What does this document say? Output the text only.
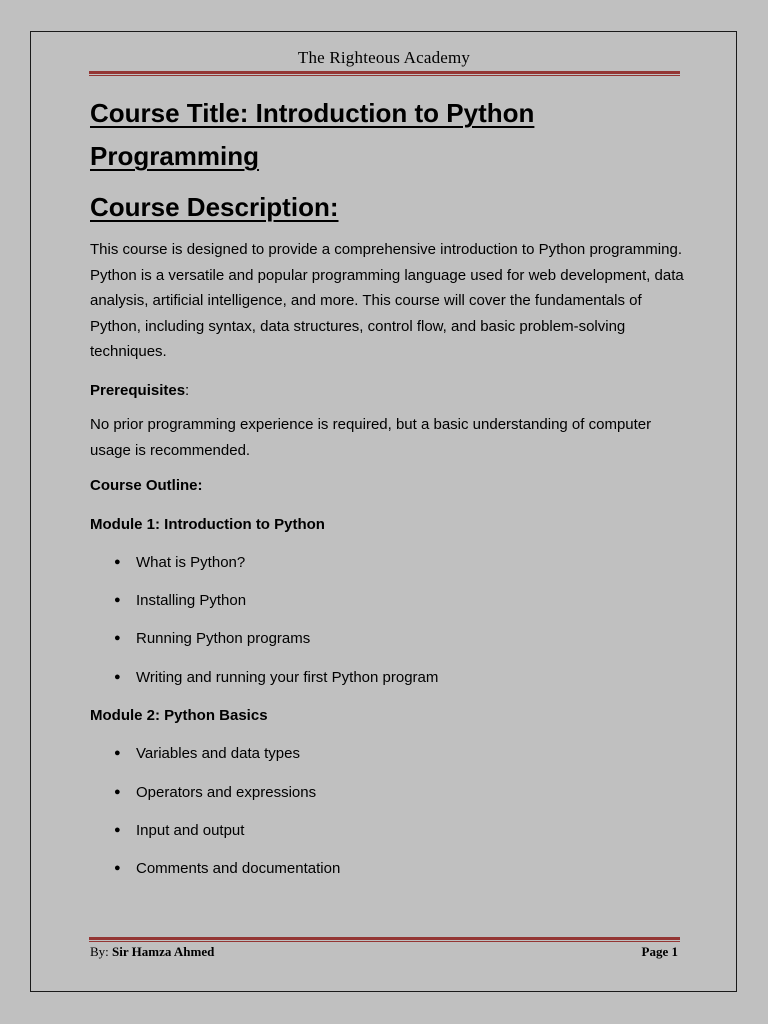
The Righteous Academy
Course Title: Introduction to Python
Programming
Course Description:

This course is designed to provide a comprehensive introduction to Python programming. Python is a versatile and popular programming language used for web development, data analysis, artificial intelligence, and more. This course will cover the fundamentals of Python, including syntax, data structures, control flow, and basic problem-solving techniques.

Prerequisites:

No prior programming experience is required, but a basic understanding of computer usage is recommended.

Course Outline:

Module 1: Introduction to Python

● What is Python?
● Installing Python
● Running Python programs
● Writing and running your first Python program

Module 2: Python Basics

● Variables and data types
● Operators and expressions
● Input and output
● Comments and documentation
By: Sir Hamza Ahmed	Page 1
